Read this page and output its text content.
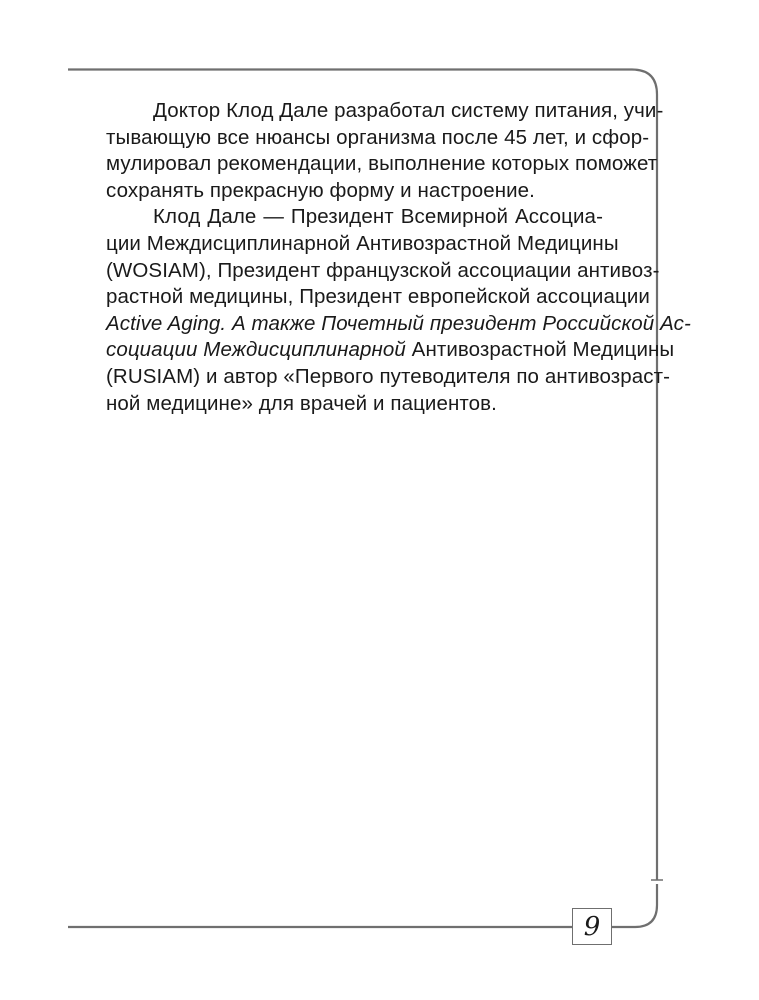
Доктор Клод Дале разработал систему питания, учи-
тывающую все нюансы организма после 45 лет, и сфор-
мулировал рекомендации, выполнение которых поможет
сохранять прекрасную форму и настроение.
Клод Дале — Президент Всемирной Ассоциа-
ции Междисциплинарной Антивозрастной Медицины
(WOSIAM), Президент французской ассоциации антивоз-
растной медицины, Президент европейской ассоциации
Active Aging. А также Почетный президент Российской Ас-
социации Междисциплинарной Антивозрастной Медицины
(RUSIAM) и автор «Первого путеводителя по антивозраст-
ной медицине» для врачей и пациентов.
9
